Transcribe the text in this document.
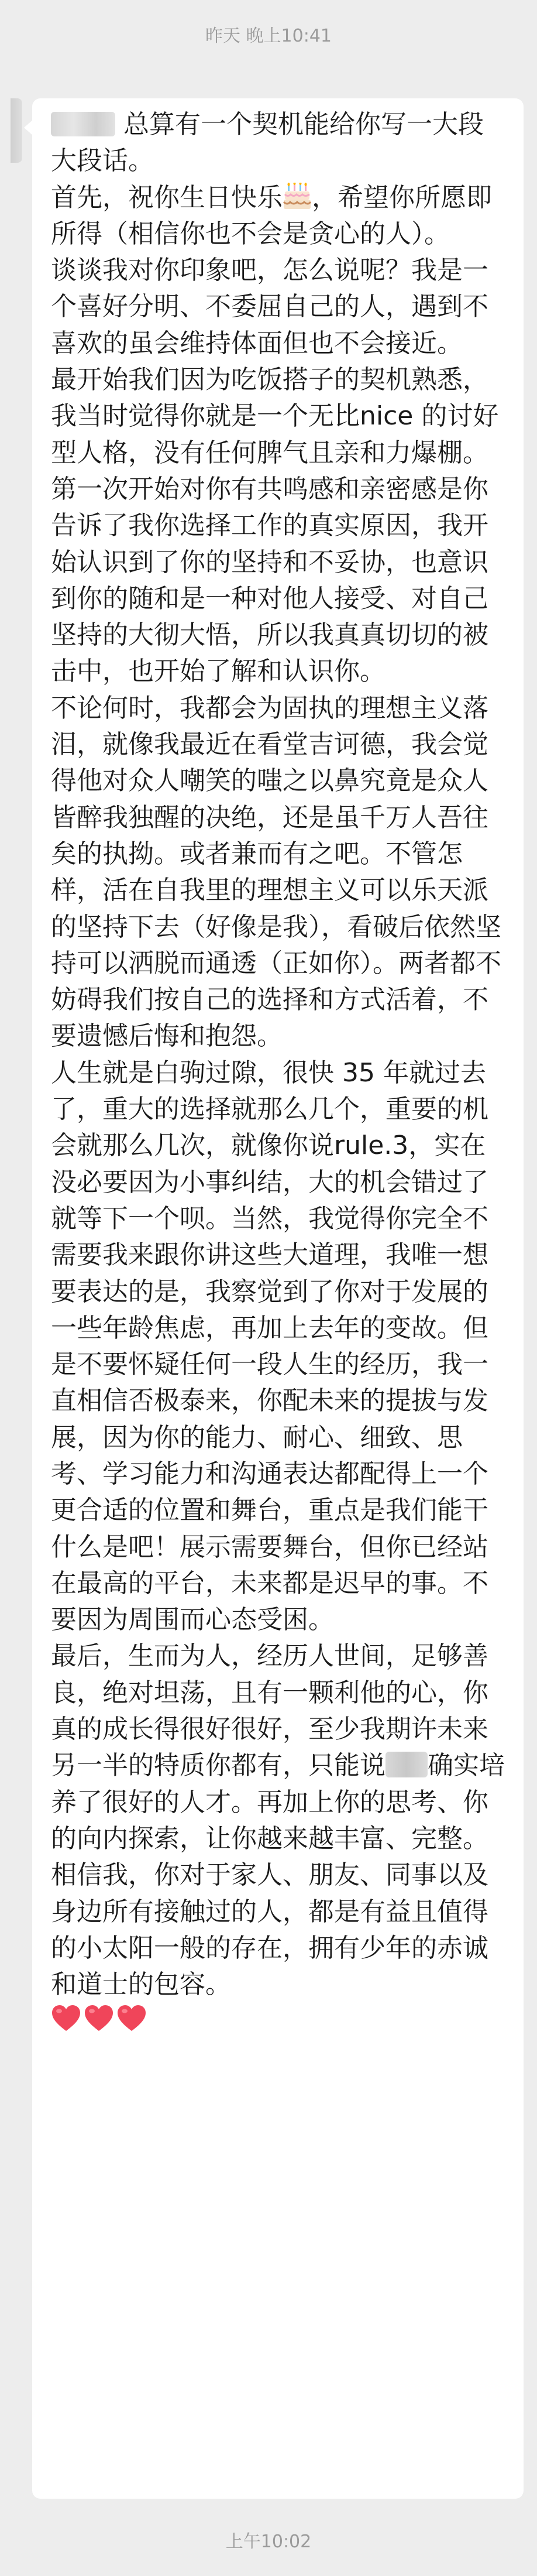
昨天 晚上10:41

总算有一个契机能给你写一大段大段话。
首先，祝你生日快乐 ，希望你所愿即所得（相信你也不会是贪心的人）。
谈谈我对你印象吧，怎么说呢？我是一个喜好分明、不委屈自己的人，遇到不喜欢的虽会维持体面但也不会接近。
最开始我们因为吃饭搭子的契机熟悉，我当时觉得你就是一个无比nice 的讨好型人格，没有任何脾气且亲和力爆棚。第一次开始对你有共鸣感和亲密感是你告诉了我你选择工作的真实原因，我开始认识到了你的坚持和不妥协，也意识到你的随和是一种对他人接受、对自己坚持的大彻大悟，所以我真真切切的被击中，也开始了解和认识你。
不论何时，我都会为固执的理想主义落泪，就像我最近在看堂吉诃德，我会觉得他对众人嘲笑的嗤之以鼻究竟是众人皆醉我独醒的决绝，还是虽千万人吾往矣的执拗。或者兼而有之吧。不管怎样，活在自我里的理想主义可以乐天派的坚持下去（好像是我），看破后依然坚持可以洒脱而通透（正如你）。两者都不妨碍我们按自己的选择和方式活着，不要遗憾后悔和抱怨。
人生就是白驹过隙，很快 35 年就过去了，重大的选择就那么几个，重要的机会就那么几次，就像你说rule.3，实在没必要因为小事纠结，大的机会错过了就等下一个呗。当然，我觉得你完全不需要我来跟你讲这些大道理，我唯一想要表达的是，我察觉到了你对于发展的一些年龄焦虑，再加上去年的变故。但是不要怀疑任何一段人生的经历，我一直相信否极泰来，你配未来的提拔与发展，因为你的能力、耐心、细致、思考、学习能力和沟通表达都配得上一个更合适的位置和舞台，重点是我们能干什么是吧！展示需要舞台，但你已经站在最高的平台，未来都是迟早的事。不要因为周围而心态受困。
最后，生而为人，经历人世间，足够善良，绝对坦荡，且有一颗利他的心，你真的成长得很好很好，至少我期许未来另一半的特质你都有，只能说 确实培养了很好的人才。再加上你的思考、你的向内探索，让你越来越丰富、完整。相信我，你对于家人、朋友、同事以及身边所有接触过的人，都是有益且值得的小太阳一般的存在，拥有少年的赤诚和道士的包容。

上午10:02
